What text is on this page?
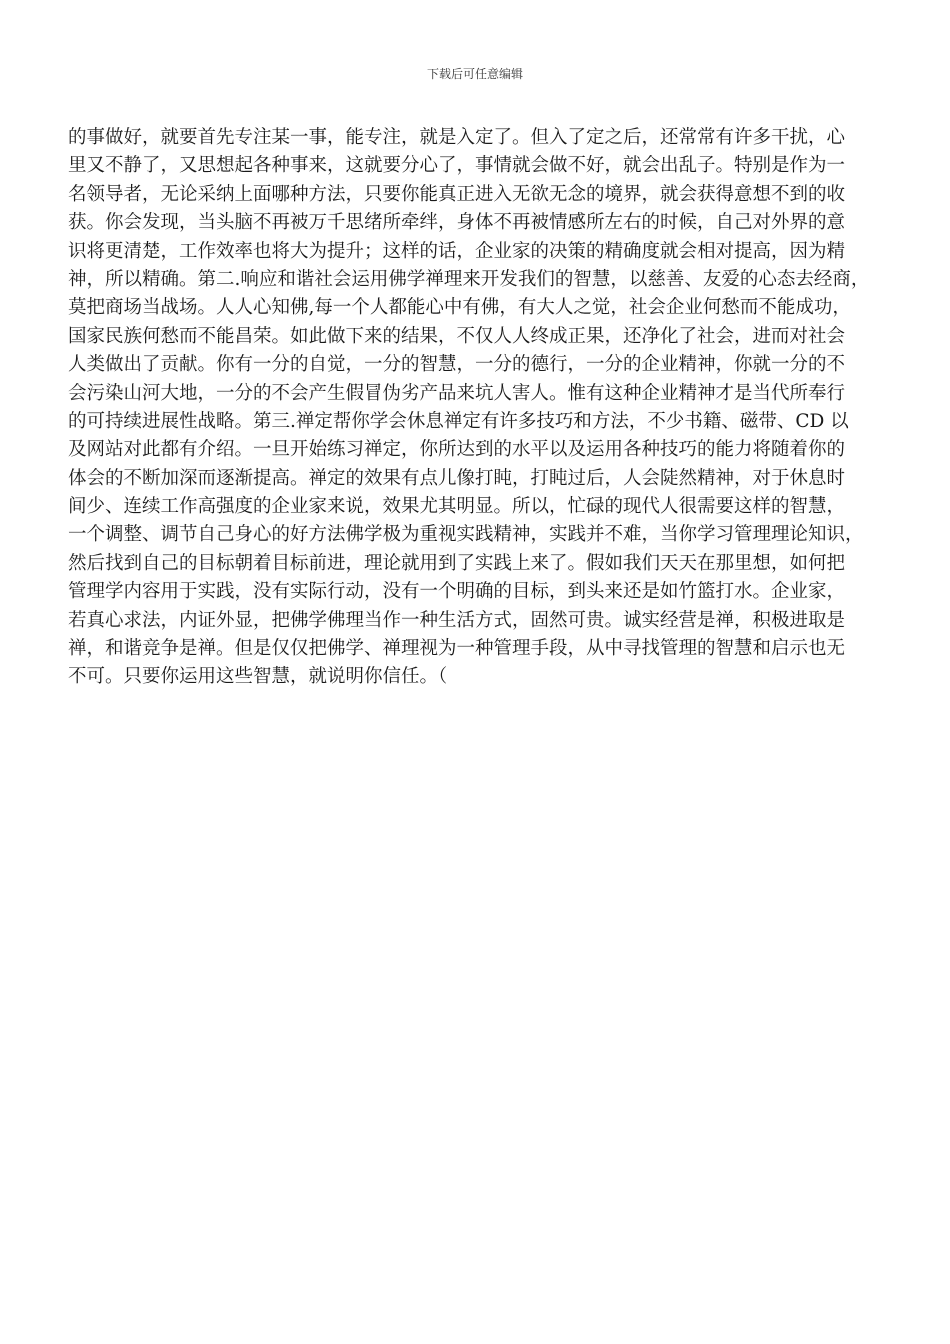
下载后可任意编辑
的事做好，就要首先专注某一事，能专注，就是入定了。但入了定之后，还常常有许多干扰，心
里又不静了，又思想起各种事来，这就要分心了，事情就会做不好，就会出乱子。特别是作为一
名领导者，无论采纳上面哪种方法，只要你能真正进入无欲无念的境界，就会获得意想不到的收
获。你会发现，当头脑不再被万千思绪所牵绊，身体不再被情感所左右的时候，自己对外界的意
识将更清楚，工作效率也将大为提升；这样的话，企业家的决策的精确度就会相对提高，因为精
神，所以精确。第二.响应和谐社会运用佛学禅理来开发我们的智慧，以慈善、友爱的心态去经商，
莫把商场当战场。人人心知佛,每一个人都能心中有佛，有大人之觉，社会企业何愁而不能成功，
国家民族何愁而不能昌荣。如此做下来的结果，不仅人人终成正果，还净化了社会，进而对社会
人类做出了贡献。你有一分的自觉，一分的智慧，一分的德行，一分的企业精神，你就一分的不
会污染山河大地，一分的不会产生假冒伪劣产品来坑人害人。惟有这种企业精神才是当代所奉行
的可持续进展性战略。第三.禅定帮你学会休息禅定有许多技巧和方法，不少书籍、磁带、CD 以
及网站对此都有介绍。一旦开始练习禅定，你所达到的水平以及运用各种技巧的能力将随着你的
体会的不断加深而逐渐提高。禅定的效果有点儿像打盹，打盹过后，人会陡然精神，对于休息时
间少、连续工作高强度的企业家来说，效果尤其明显。所以，忙碌的现代人很需要这样的智慧，
一个调整、调节自己身心的好方法佛学极为重视实践精神，实践并不难，当你学习管理理论知识，
然后找到自己的目标朝着目标前进，理论就用到了实践上来了。假如我们天天在那里想，如何把
管理学内容用于实践，没有实际行动，没有一个明确的目标，到头来还是如竹篮打水。企业家，
若真心求法，内证外显，把佛学佛理当作一种生活方式，固然可贵。诚实经营是禅，积极进取是
禅，和谐竞争是禅。但是仅仅把佛学、禅理视为一种管理手段，从中寻找管理的智慧和启示也无
不可。只要你运用这些智慧，就说明你信任。（
